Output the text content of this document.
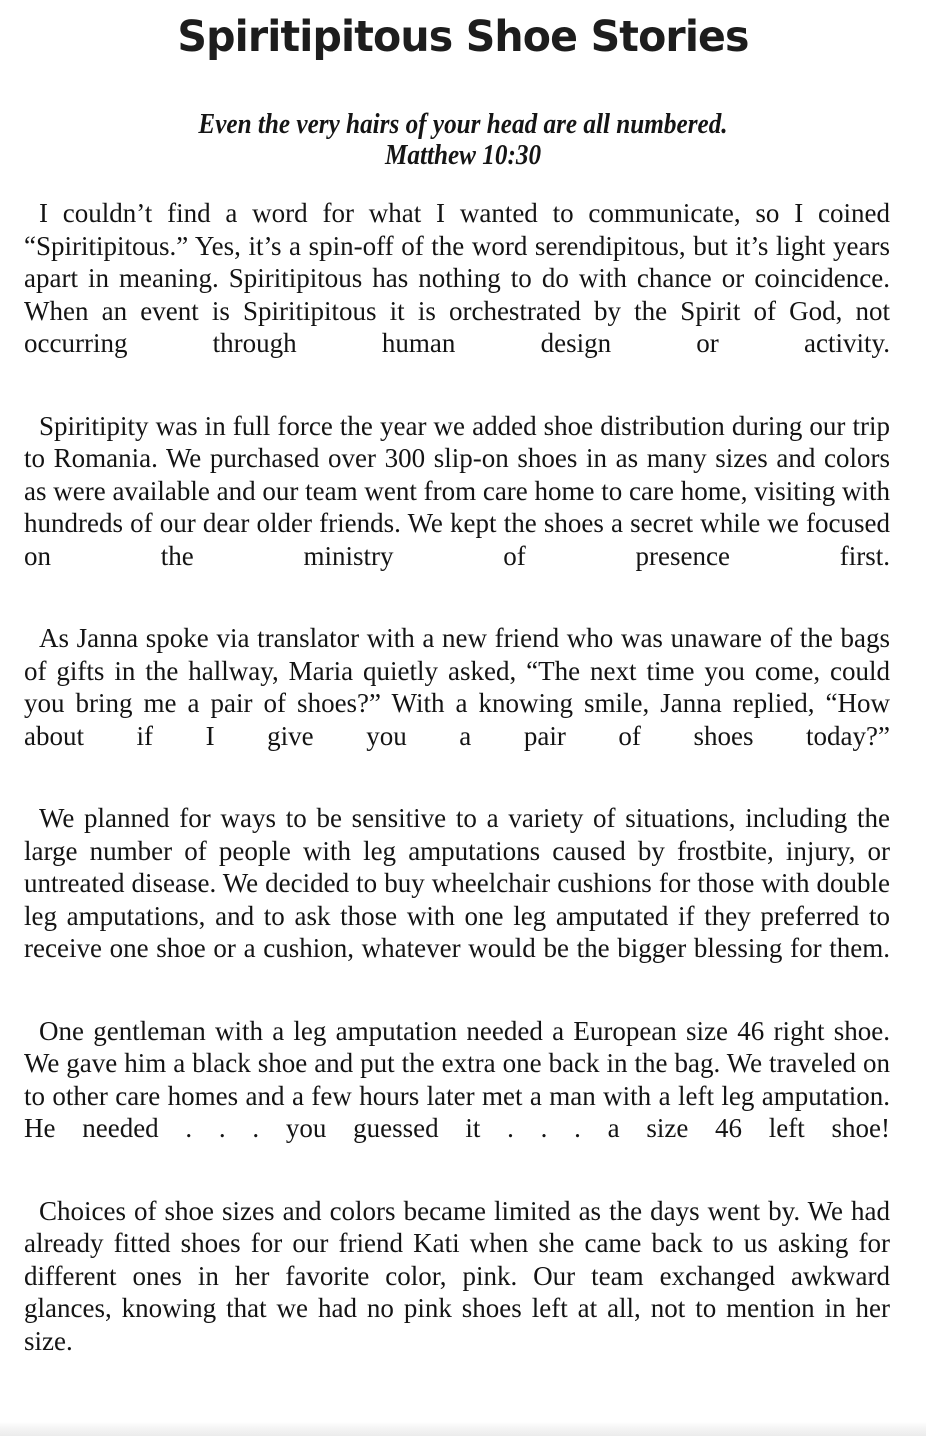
Spiritipitous Shoe Stories
Even the very hairs of your head are all numbered.
Matthew 10:30

I couldn’t find a word for what I wanted to communicate, so I coined “Spiritipitous.” Yes, it’s a spin-off of the word serendipitous, but it’s light years apart in meaning. Spiritipitous has nothing to do with chance or coincidence. When an event is Spiritipitous it is orchestrated by the Spirit of God, not occurring through human design or activity.

Spiritipity was in full force the year we added shoe distribution during our trip to Romania. We purchased over 300 slip-on shoes in as many sizes and colors as were available and our team went from care home to care home, visiting with hundreds of our dear older friends. We kept the shoes a secret while we focused on the ministry of presence first.

As Janna spoke via translator with a new friend who was unaware of the bags of gifts in the hallway, Maria quietly asked, “The next time you come, could you bring me a pair of shoes?” With a knowing smile, Janna replied, “How about if I give you a pair of shoes today?”

We planned for ways to be sensitive to a variety of situations, including the large number of people with leg amputations caused by frostbite, injury, or untreated disease. We decided to buy wheelchair cushions for those with double leg amputations, and to ask those with one leg amputated if they preferred to receive one shoe or a cushion, whatever would be the bigger blessing for them.

One gentleman with a leg amputation needed a European size 46 right shoe. We gave him a black shoe and put the extra one back in the bag. We traveled on to other care homes and a few hours later met a man with a left leg amputation. He needed . . . you guessed it . . . a size 46 left shoe!

Choices of shoe sizes and colors became limited as the days went by. We had already fitted shoes for our friend Kati when she came back to us asking for different ones in her favorite color, pink. Our team exchanged awkward glances, knowing that we had no pink shoes left at all, not to mention in her size.
